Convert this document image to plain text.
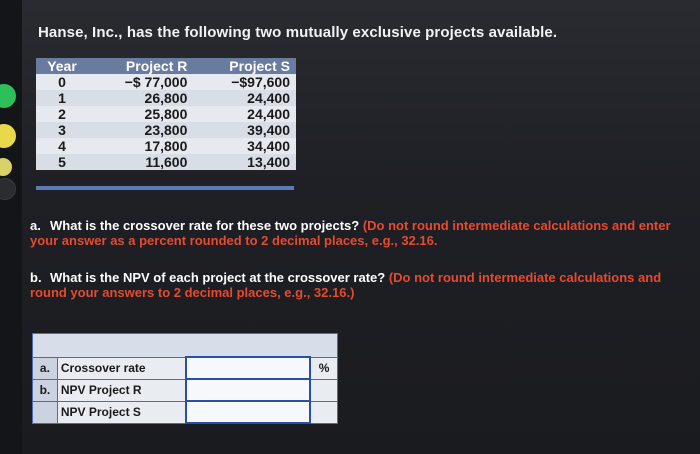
Hanse, Inc., has the following two mutually exclusive projects available.
Year	Project R	Project S
0	−$ 77,000	−$97,600
1	26,800	24,400
2	25,800	24,400
3	23,800	39,400
4	17,800	34,400
5	11,600	13,400
a. What is the crossover rate for these two projects? (Do not round intermediate calculations and enter your answer as a percent rounded to 2 decimal places, e.g., 32.16.
b. What is the NPV of each project at the crossover rate? (Do not round intermediate calculations and round your answers to 2 decimal places, e.g., 32.16.)

a.	Crossover rate		%
b.	NPV Project R		
	NPV Project S		
